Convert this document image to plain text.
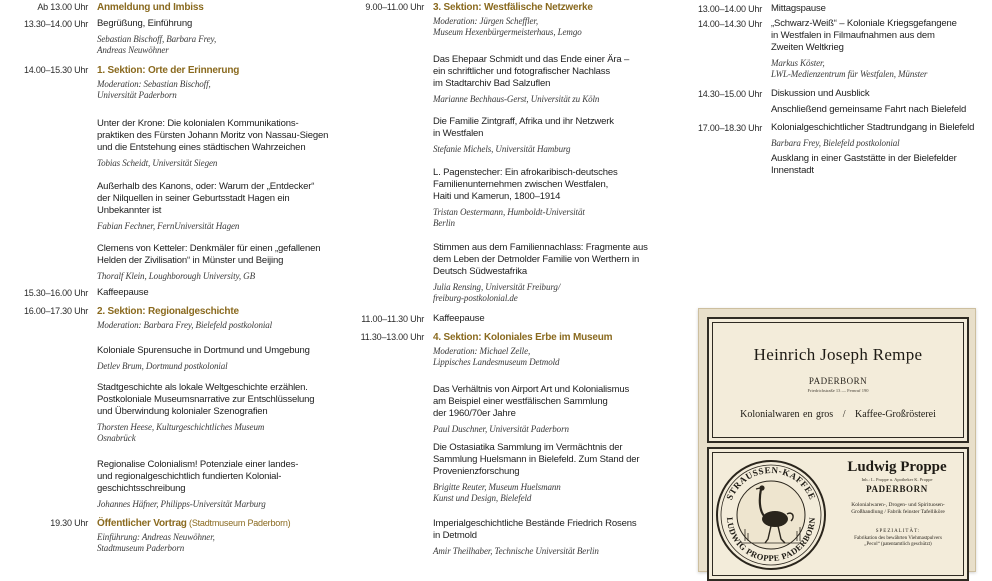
Ab 13.00 Uhr Anmeldung und Imbiss
13.30–14.00 Uhr Begrüßung, Einführung
Sebastian Bischoff, Barbara Frey,
Andreas Neuwöhner
14.00–15.30 Uhr 1. Sektion: Orte der Erinnerung
Moderation: Sebastian Bischoff,
Universität Paderborn
Unter der Krone: Die kolonialen Kommunikations-
praktiken des Fürsten Johann Moritz von Nassau-Siegen
und die Entstehung eines städtischen Wahrzeichen
Tobias Scheidt, Universität Siegen
Außerhalb des Kanons, oder: Warum der „Entdecker“
der Nilquellen in seiner Geburtsstadt Hagen ein
Unbekannter ist
Fabian Fechner, FernUniversität Hagen
Clemens von Ketteler: Denkmäler für einen „gefallenen
Helden der Zivilisation“ in Münster und Beijing
Thoralf Klein, Loughborough University, GB
15.30–16.00 Uhr Kaffeepause
16.00–17.30 Uhr 2. Sektion: Regionalgeschichte
Moderation: Barbara Frey, Bielefeld postkolonial
Koloniale Spurensuche in Dortmund und Umgebung
Detlev Brum, Dortmund postkolonial
Stadtgeschichte als lokale Weltgeschichte erzählen.
Postkoloniale Museumsnarrative zur Entschlüsselung
und Überwindung kolonialer Szenografien
Thorsten Heese, Kulturgeschichtliches Museum
Osnabrück
Regionalise Colonialism! Potenziale einer landes-
und regionalgeschichtlich fundierten Kolonial-
geschichtsschreibung
Johannes Häfner, Philipps-Universität Marburg
19.30 Uhr Öffentlicher Vortrag (Stadtmuseum Paderborn)
Einführung: Andreas Neuwöhner,
Stadtmuseum Paderborn
9.00–11.00 Uhr 3. Sektion: Westfälische Netzwerke
Moderation: Jürgen Scheffler,
Museum Hexenbürgermeisterhaus, Lemgo
Das Ehepaar Schmidt und das Ende einer Ära –
ein schriftlicher und fotografischer Nachlass
im Stadtarchiv Bad Salzuflen
Marianne Bechhaus-Gerst, Universität zu Köln
Die Familie Zintgraff, Afrika und ihr Netzwerk
in Westfalen
Stefanie Michels, Universität Hamburg
L. Pagenstecher: Ein afrokaribisch-deutsches
Familienunternehmen zwischen Westfalen,
Haiti und Kamerun, 1800–1914
Tristan Oestermann, Humboldt-Universität
Berlin
Stimmen aus dem Familiennachlass: Fragmente aus
dem Leben der Detmolder Familie von Werthern in
Deutsch Südwestafrika
Julia Rensing, Universität Freiburg/
freiburg-postkolonial.de
11.00–11.30 Uhr Kaffeepause
11.30–13.00 Uhr 4. Sektion: Koloniales Erbe im Museum
Moderation: Michael Zelle,
Lippisches Landesmuseum Detmold
Das Verhältnis von Airport Art und Kolonialismus
am Beispiel einer westfälischen Sammlung
der 1960/70er Jahre
Paul Duschner, Universität Paderborn
Die Ostasiatika Sammlung im Vermächtnis der
Sammlung Huelsmann in Bielefeld. Zum Stand der
Provenienzforschung
Brigitte Reuter, Museum Huelsmann
Kunst und Design, Bielefeld
Imperialgeschichtliche Bestände Friedrich Rosens
in Detmold
Amir Theilhaber, Technische Universität Berlin
13.00–14.00 Uhr Mittagspause
14.00–14.30 Uhr „Schwarz-Weiß“ – Koloniale Kriegsgefangene
in Westfalen in Filmaufnahmen aus dem
Zweiten Weltkrieg
Markus Köster,
LWL-Medienzentrum für Westfalen, Münster
14.30–15.00 Uhr Diskussion und Ausblick
Anschließend gemeinsame Fahrt nach Bielefeld
17.00–18.30 Uhr Kolonialgeschichtlicher Stadtrundgang in Bielefeld
Barbara Frey, Bielefeld postkolonial
Ausklang in einer Gaststätte in der Bielefelder
Innenstadt
Heinrich Joseph Rempe
PADERBORN
Friedrichstraße 13 — Fernruf 190
Kolonialwaren en gros / Kaffee-Großrösterei
STRAUSSEN-KAFFEE
LUDWIG PROPPE PADERBORN
Ludwig Proppe
Inh.: L. Proppe u. Apotheker K. Proppe
PADERBORN
Kolonialwaren-, Drogen- und Spirituosen-
Großhandlung / Fabrik feinster Tafelliköre
SPEZIALITÄT:
Fabrikation des bewährten Viehmastpulvers
„Pecol“ (patentamtlich geschützt)
